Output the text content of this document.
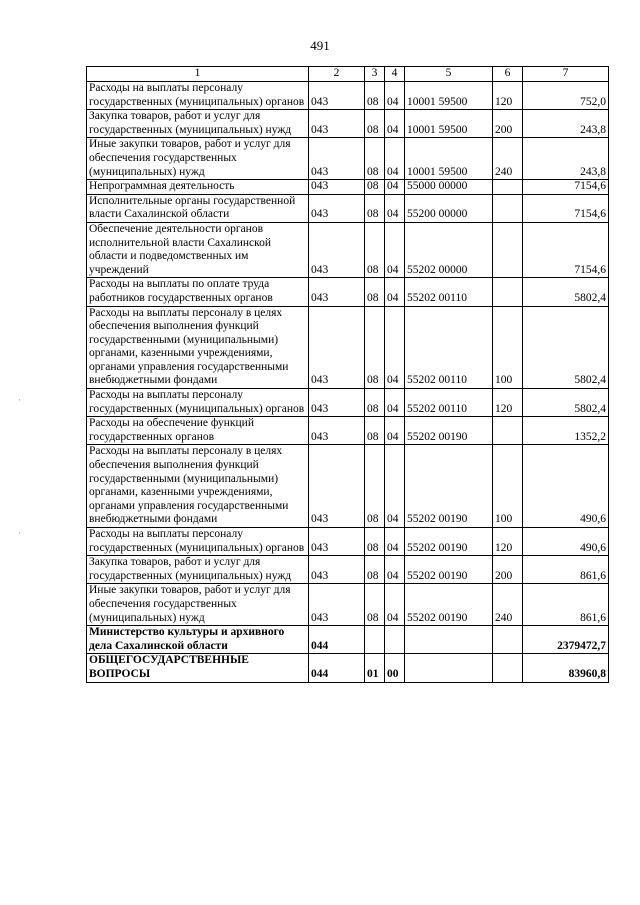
491
1	2	3	4	5	6	7
Расходы на выплаты персоналу государственных (муниципальных) органов	043	08	04	10001 59500	120	752,0
Закупка товаров, работ и услуг для государственных (муниципальных) нужд	043	08	04	10001 59500	200	243,8
Иные закупки товаров, работ и услуг для обеспечения государственных (муниципальных) нужд	043	08	04	10001 59500	240	243,8
Непрограммная деятельность	043	08	04	55000 00000		7154,6
Исполнительные органы государственной власти Сахалинской области	043	08	04	55200 00000		7154,6
Обеспечение деятельности органов исполнительной власти Сахалинской области и подведомственных им учреждений	043	08	04	55202 00000		7154,6
Расходы на выплаты по оплате труда работников государственных органов	043	08	04	55202 00110		5802,4
Расходы на выплаты персоналу в целях обеспечения выполнения функций государственными (муниципальными) органами, казенными учреждениями, органами управления государственными внебюджетными фондами	043	08	04	55202 00110	100	5802,4
Расходы на выплаты персоналу государственных (муниципальных) органов	043	08	04	55202 00110	120	5802,4
Расходы на обеспечение функций государственных органов	043	08	04	55202 00190		1352,2
Расходы на выплаты персоналу в целях обеспечения выполнения функций государственными (муниципальными) органами, казенными учреждениями, органами управления государственными внебюджетными фондами	043	08	04	55202 00190	100	490,6
Расходы на выплаты персоналу государственных (муниципальных) органов	043	08	04	55202 00190	120	490,6
Закупка товаров, работ и услуг для государственных (муниципальных) нужд	043	08	04	55202 00190	200	861,6
Иные закупки товаров, работ и услуг для обеспечения государственных (муниципальных) нужд	043	08	04	55202 00190	240	861,6
Министерство культуры и архивного дела Сахалинской области	044					2379472,7
ОБЩЕГОСУДАРСТВЕННЫЕ ВОПРОСЫ	044	01	00			83960,8
·
·
